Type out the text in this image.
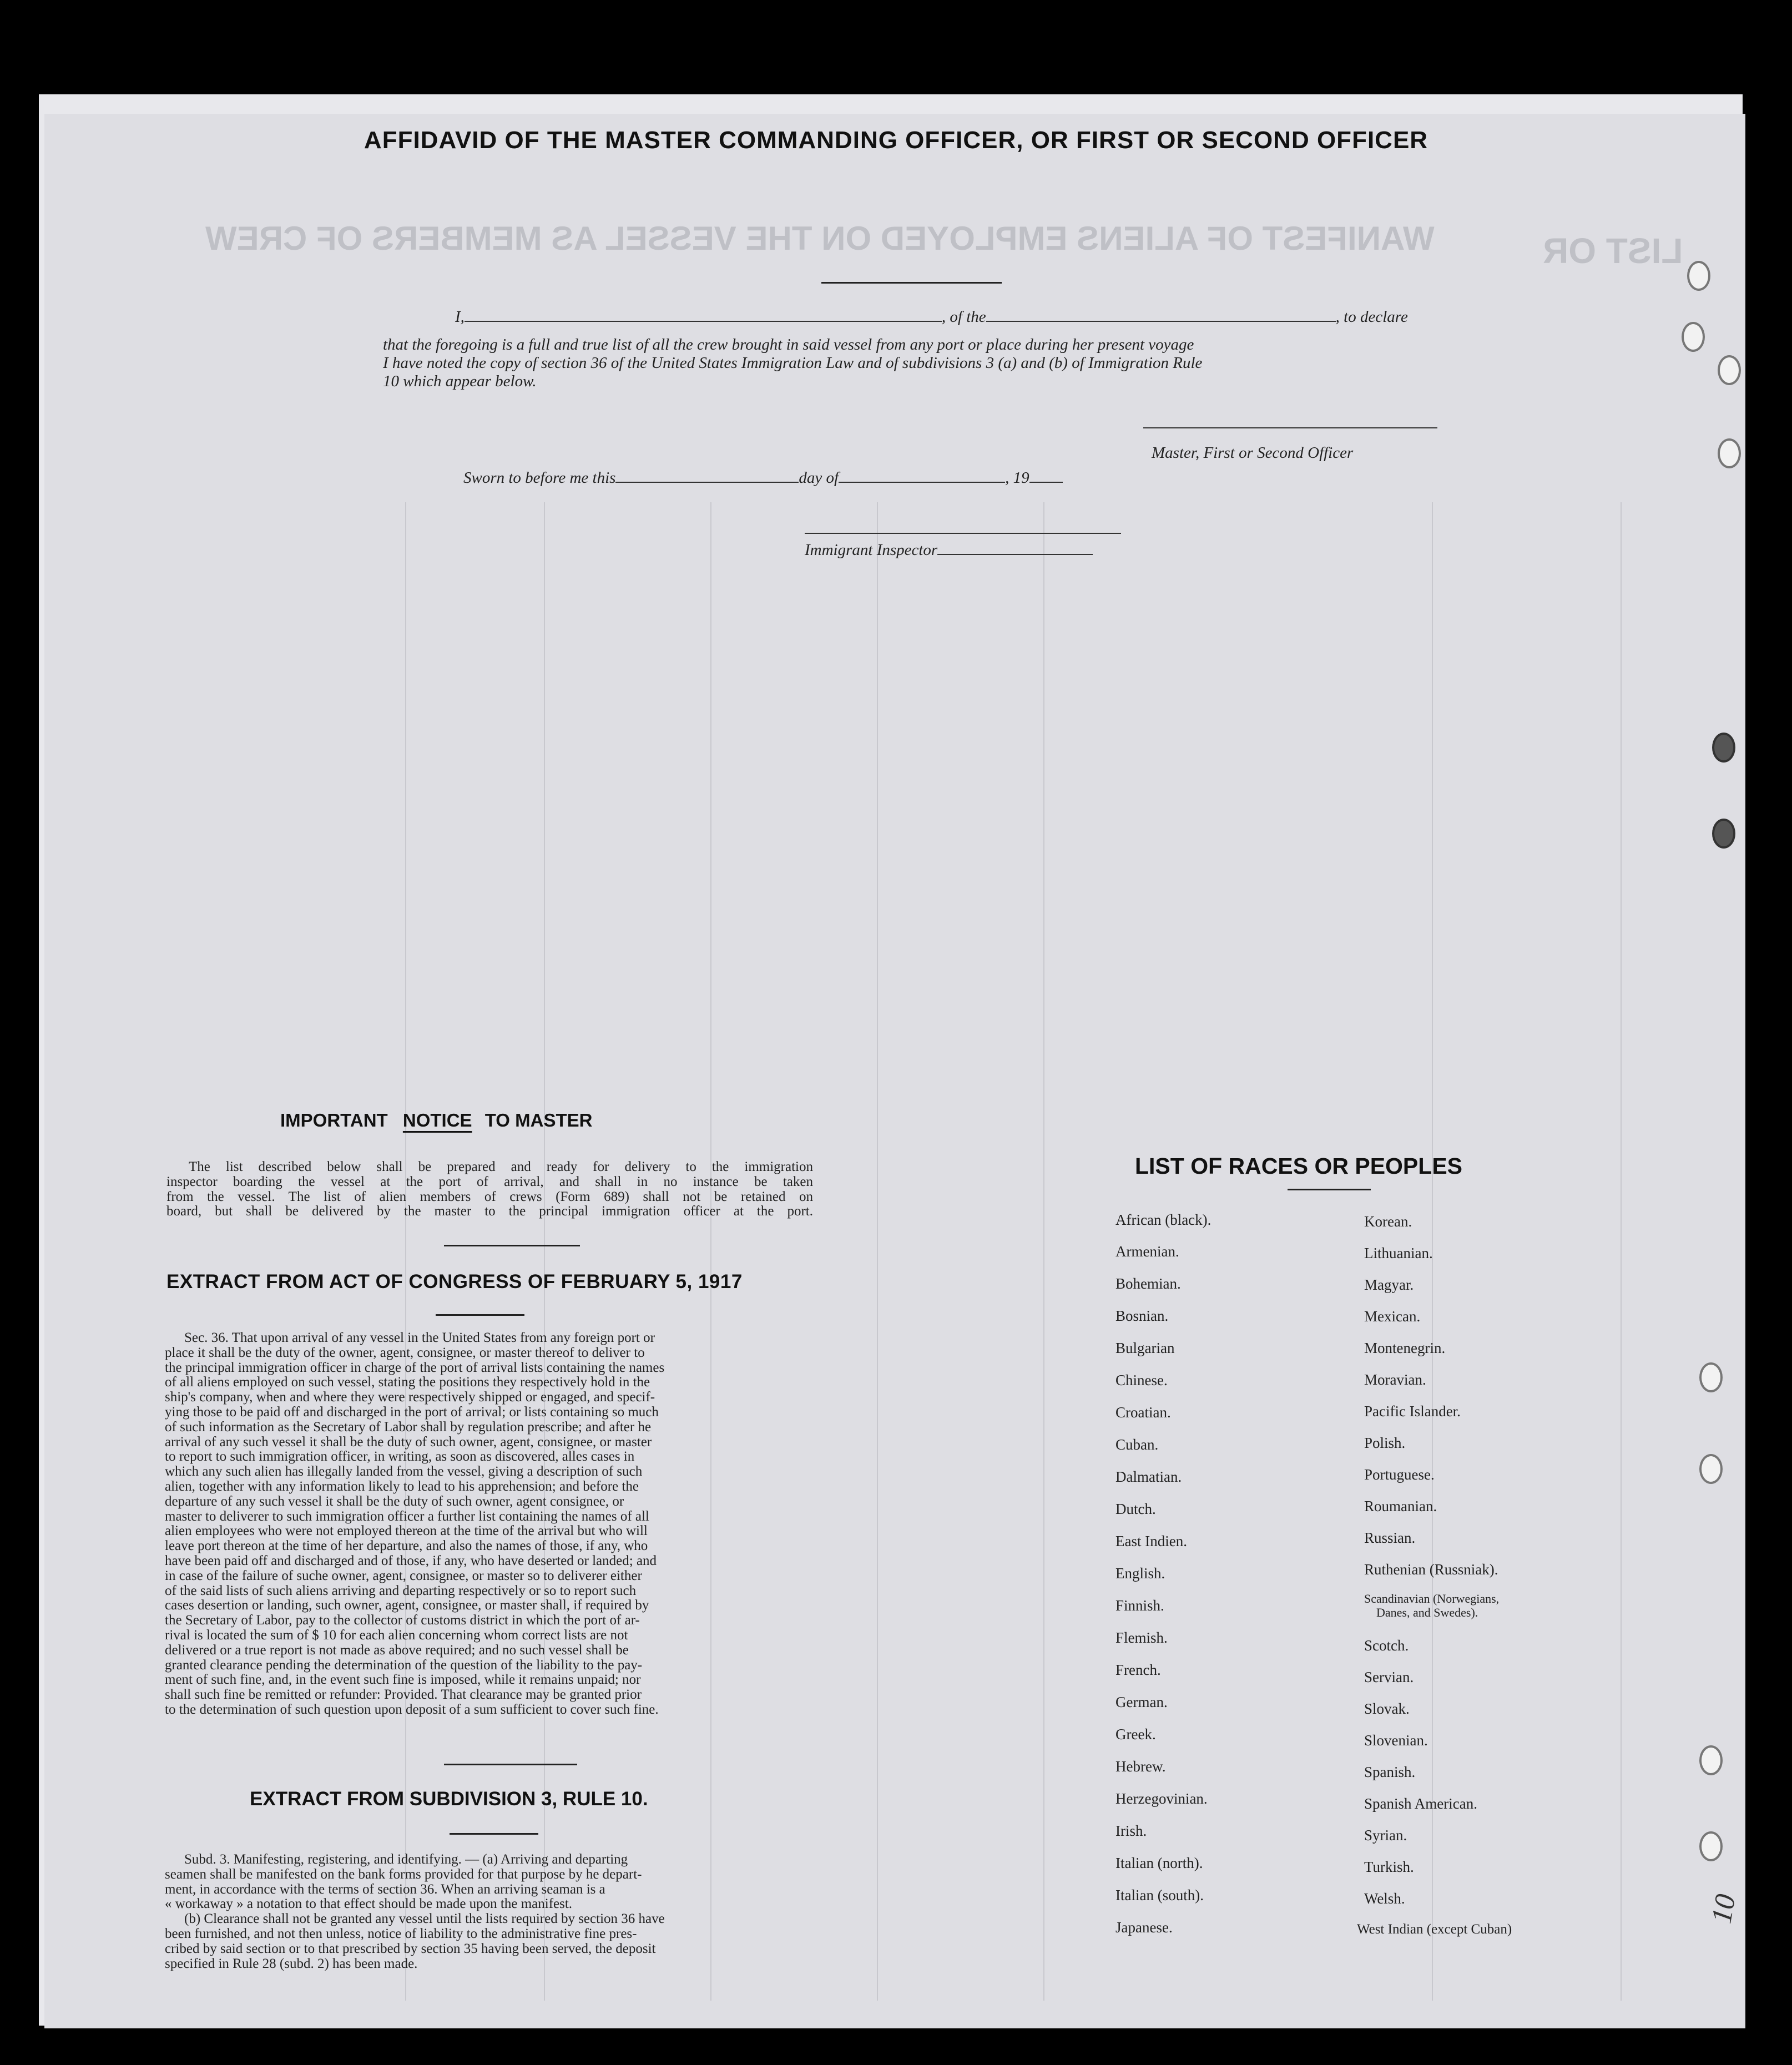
WANIFEST OF ALIENS EMPLOYED ON THE VESSEL AS MEMBERS OF CREW	LIST OR
AFFIDAVID OF THE MASTER COMMANDING OFFICER, OR FIRST OR SECOND OFFICER

I,	, of the	, to declare

that the foregoing is a full and true list of all the crew brought in said vessel from any port or place during her present voyage

I have noted the copy of section 36 of the United States Immigration Law and of subdivisions 3 (a) and (b) of Immigration Rule

10 which appear below.

Master, First or Second Officer
Sworn to before me this	day of	, 19
Immigrant Inspector
IMPORTANT NOTICE TO MASTER

The list described below shall be prepared and ready for delivery to the immigration

inspector boarding the vessel at the port of arrival, and shall in no instance be taken

from the vessel. The list of alien members of crews (Form 689) shall not be retained on

board, but shall be delivered by the master to the principal immigration officer at the port.

EXTRACT FROM ACT OF CONGRESS OF FEBRUARY 5, 1917

Sec. 36. That upon arrival of any vessel in the United States from any foreign port or

place it shall be the duty of the owner, agent, consignee, or master thereof to deliver to

the principal immigration officer in charge of the port of arrival lists containing the names

of all aliens employed on such vessel, stating the positions they respectively hold in the

ship's company, when and where they were respectively shipped or engaged, and specif-

ying those to be paid off and discharged in the port of arrival; or lists containing so much

of such information as the Secretary of Labor shall by regulation prescribe; and after he

arrival of any such vessel it shall be the duty of such owner, agent, consignee, or master

to report to such immigration officer, in writing, as soon as discovered, alles cases in

which any such alien has illegally landed from the vessel, giving a description of such

alien, together with any information likely to lead to his apprehension; and before the

departure of any such vessel it shall be the duty of such owner, agent consignee, or

master to deliverer to such immigration officer a further list containing the names of all

alien employees who were not employed thereon at the time of the arrival but who will

leave port thereon at the time of her departure, and also the names of those, if any, who

have been paid off and discharged and of those, if any, who have deserted or landed; and

in case of the failure of suche owner, agent, consignee, or master so to deliverer either

of the said lists of such aliens arriving and departing respectively or so to report such

cases desertion or landing, such owner, agent, consignee, or master shall, if required by

the Secretary of Labor, pay to the collector of customs district in which the port of ar-

rival is located the sum of $ 10 for each alien concerning whom correct lists are not

delivered or a true report is not made as above required; and no such vessel shall be

granted clearance pending the determination of the question of the liability to the pay-

ment of such fine, and, in the event such fine is imposed, while it remains unpaid; nor

shall such fine be remitted or refunder: Provided. That clearance may be granted prior

to the determination of such question upon deposit of a sum sufficient to cover such fine.

EXTRACT FROM SUBDIVISION 3, RULE 10.

Subd. 3. Manifesting, registering, and identifying. — (a) Arriving and departing

seamen shall be manifested on the bank forms provided for that purpose by he depart-

ment, in accordance with the terms of section 36. When an arriving seaman is a

« workaway » a notation to that effect should be made upon the manifest.

(b) Clearance shall not be granted any vessel until the lists required by section 36 have

been furnished, and not then unless, notice of liability to the administrative fine pres-

cribed by said section or to that prescribed by section 35 having been served, the deposit

specified in Rule 28 (subd. 2) has been made.

LIST OF RACES OR PEOPLES
African (black).
Armenian.
Bohemian.
Bosnian.
Bulgarian
Chinese.
Croatian.
Cuban.
Dalmatian.
Dutch.
East Indien.
English.
Finnish.
Flemish.
French.
German.
Greek.
Hebrew.
Herzegovinian.
Irish.
Italian (north).
Italian (south).
Japanese.
Korean.
Lithuanian.
Magyar.
Mexican.
Montenegrin.
Moravian.
Pacific Islander.
Polish.
Portuguese.
Roumanian.
Russian.
Ruthenian (Russniak).
Scandinavian (Norwegians,
Danes, and Swedes).
Scotch.
Servian.
Slovak.
Slovenian.
Spanish.
Spanish American.
Syrian.
Turkish.
Welsh.
West Indian (except Cuban)
10
